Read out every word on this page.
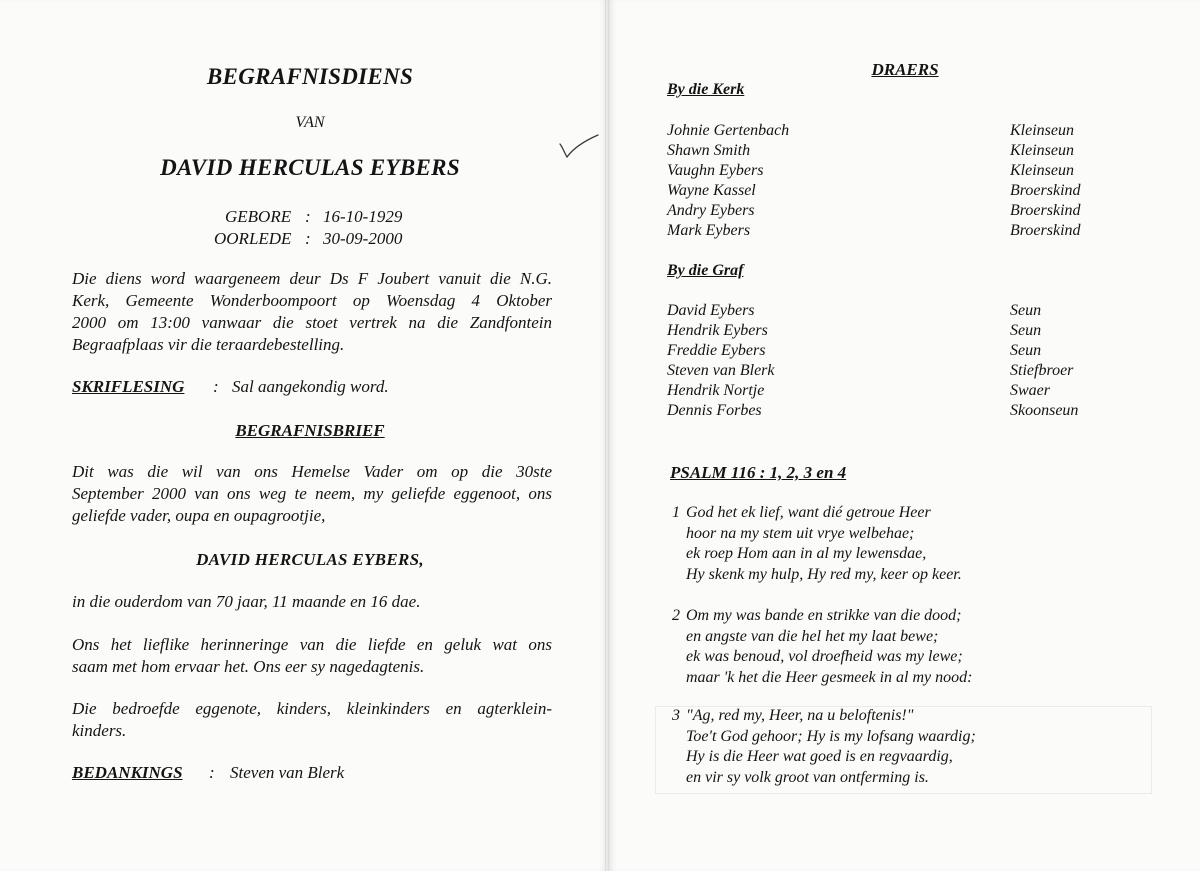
BEGRAFNISDIENS
VAN
DAVID HERCULAS EYBERS
GEBORE : 16-10-1929
OORLEDE : 30-09-2000
Die diens word waargeneem deur Ds F Joubert vanuit die N.G.
Kerk, Gemeente Wonderboompoort op Woensdag 4 Oktober
2000 om 13:00 vanwaar die stoet vertrek na die Zandfontein
Begraafplaas vir die teraardebestelling.
SKRIFLESING : Sal aangekondig word.
BEGRAFNISBRIEF
Dit was die wil van ons Hemelse Vader om op die 30ste
September 2000 van ons weg te neem, my geliefde eggenoot, ons
geliefde vader, oupa en oupagrootjie,
DAVID HERCULAS EYBERS,
in die ouderdom van 70 jaar, 11 maande en 16 dae.
Ons het lieflike herinneringe van die liefde en geluk wat ons
saam met hom ervaar het. Ons eer sy nagedagtenis.
Die bedroefde eggenote, kinders, kleinkinders en agterklein-
kinders.
BEDANKINGS : Steven van Blerk
DRAERS
By die Kerk
Johnie Gertenbach	Kleinseun
Shawn Smith	Kleinseun
Vaughn Eybers	Kleinseun
Wayne Kassel	Broerskind
Andry Eybers	Broerskind
Mark Eybers	Broerskind
By die Graf
David Eybers	Seun
Hendrik Eybers	Seun
Freddie Eybers	Seun
Steven van Blerk	Stiefbroer
Hendrik Nortje	Swaer
Dennis Forbes	Skoonseun
PSALM 116 : 1, 2, 3 en 4
1 God het ek lief, want dié getroue Heer
hoor na my stem uit vrye welbehae;
ek roep Hom aan in al my lewensdae,
Hy skenk my hulp, Hy red my, keer op keer.
2 Om my was bande en strikke van die dood;
en angste van die hel het my laat bewe;
ek was benoud, vol droefheid was my lewe;
maar 'k het die Heer gesmeek in al my nood:
3 "Ag, red my, Heer, na u beloftenis!"
Toe't God gehoor; Hy is my lofsang waardig;
Hy is die Heer wat goed is en regvaardig,
en vir sy volk groot van ontferming is.
